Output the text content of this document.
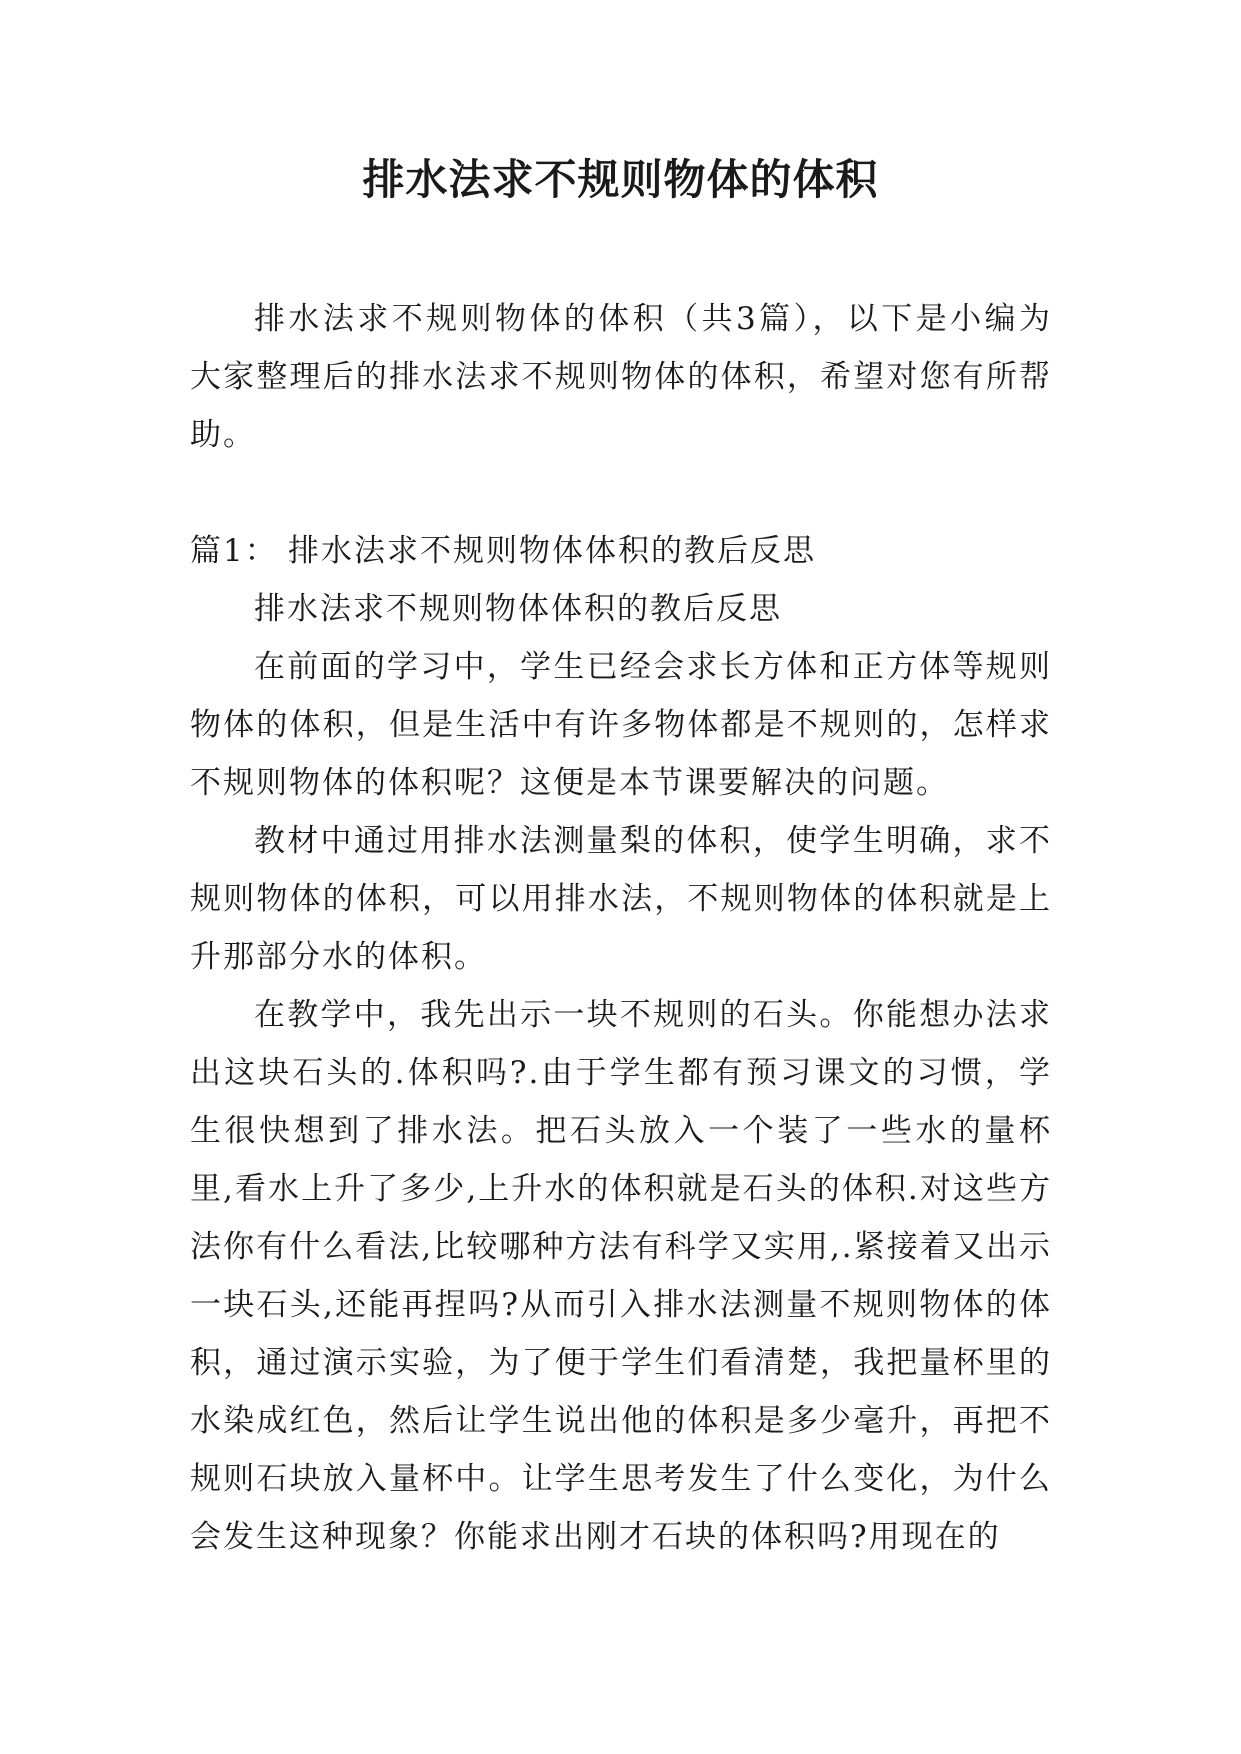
排水法求不规则物体的体积

排水法求不规则物体的体积（共3篇），以下是小编为大家整理后的排水法求不规则物体的体积，希望对您有所帮助。

篇1： 排水法求不规则物体体积的教后反思

排水法求不规则物体体积的教后反思

在前面的学习中，学生已经会求长方体和正方体等规则物体的体积，但是生活中有许多物体都是不规则的，怎样求不规则物体的体积呢？这便是本节课要解决的问题。

教材中通过用排水法测量梨的体积，使学生明确，求不规则物体的体积，可以用排水法，不规则物体的体积就是上升那部分水的体积。

在教学中，我先出示一块不规则的石头。你能想办法求出这块石头的.体积吗?.由于学生都有预习课文的习惯，学生很快想到了排水法。把石头放入一个装了一些水的量杯里,看水上升了多少,上升水的体积就是石头的体积.对这些方法你有什么看法,比较哪种方法有科学又实用,.紧接着又出示一块石头,还能再捏吗?从而引入排水法测量不规则物体的体积，通过演示实验，为了便于学生们看清楚，我把量杯里的水染成红色，然后让学生说出他的体积是多少毫升，再把不规则石块放入量杯中。让学生思考发生了什么变化，为什么会发生这种现象？你能求出刚才石块的体积吗?用现在的
